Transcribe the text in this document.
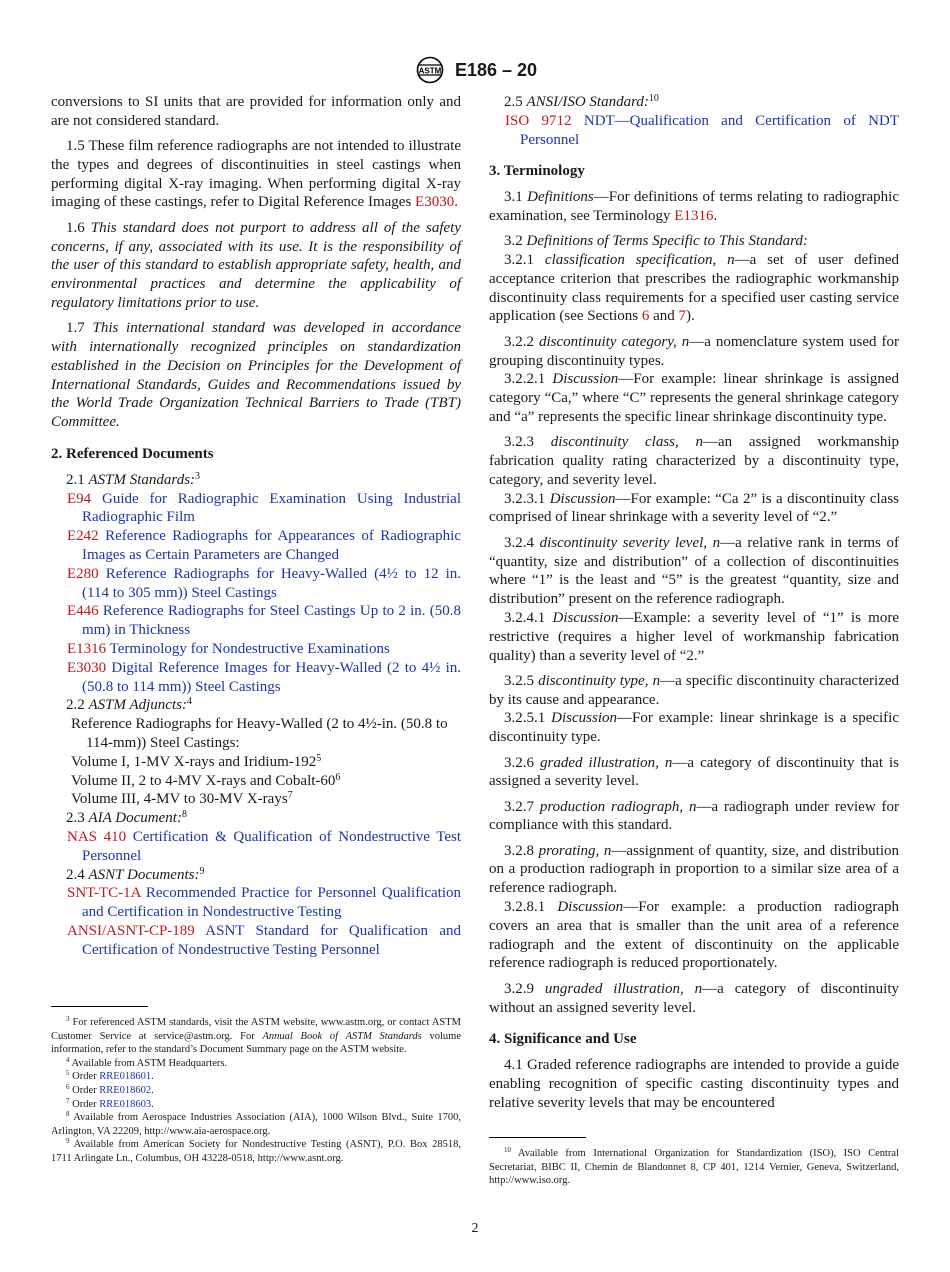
ASTM E186 – 20

conversions to SI units that are provided for information only and are not considered standard.

1.5 These film reference radiographs are not intended to illustrate the types and degrees of discontinuities in steel castings when performing digital X-ray imaging. When performing digital X-ray imaging of these castings, refer to Digital Reference Images E3030.

1.6 This standard does not purport to address all of the safety concerns, if any, associated with its use. It is the responsibility of the user of this standard to establish appropriate safety, health, and environmental practices and determine the applicability of regulatory limitations prior to use.

1.7 This international standard was developed in accordance with internationally recognized principles on standardization established in the Decision on Principles for the Development of International Standards, Guides and Recommendations issued by the World Trade Organization Technical Barriers to Trade (TBT) Committee.

2. Referenced Documents

2.1 ASTM Standards:$^3$

E94 Guide for Radiographic Examination Using Industrial Radiographic Film

E242 Reference Radiographs for Appearances of Radiographic Images as Certain Parameters are Changed

E280 Reference Radiographs for Heavy-Walled (4½ to 12 in. (114 to 305 mm)) Steel Castings

E446 Reference Radiographs for Steel Castings Up to 2 in. (50.8 mm) in Thickness

E1316 Terminology for Nondestructive Examinations

E3030 Digital Reference Images for Heavy-Walled (2 to 4½ in. (50.8 to 114 mm)) Steel Castings

2.2 ASTM Adjuncts:$^4$

Reference Radiographs for Heavy-Walled (2 to 4½-in. (50.8 to 114-mm)) Steel Castings:

Volume I, 1-MV X-rays and Iridium-$192^5$

Volume II, 2 to 4-MV X-rays and Cobalt-$60^6$

Volume III, 4-MV to 30-MV X-rays$^7$

2.3 AIA Document:$^8$

NAS 410 Certification & Qualification of Nondestructive Test Personnel

2.4 ASNT Documents:$^9$

SNT-TC-1A Recommended Practice for Personnel Qualification and Certification in Nondestructive Testing

ANSI/ASNT-CP-189 ASNT Standard for Qualification and Certification of Nondestructive Testing Personnel

2.5 ANSI/ISO Standard:$^{10}$

ISO 9712 NDT—Qualification and Certification of NDT Personnel

3. Terminology

3.1 Definitions—For definitions of terms relating to radiographic examination, see Terminology E1316.

3.2 Definitions of Terms Specific to This Standard:

3.2.1 classification specification, n—a set of user defined acceptance criterion that prescribes the radiographic workmanship discontinuity class requirements for a specified user casting service application (see Sections 6 and 7).

3.2.2 discontinuity category, n—a nomenclature system used for grouping discontinuity types.

3.2.2.1 Discussion—For example: linear shrinkage is assigned category “Ca,” where “C” represents the general shrinkage category and “a” represents the specific linear shrinkage discontinuity type.

3.2.3 discontinuity class, n—an assigned workmanship fabrication quality rating characterized by a discontinuity type, category, and severity level.

3.2.3.1 Discussion—For example: “Ca 2” is a discontinuity class comprised of linear shrinkage with a severity level of “2.”

3.2.4 discontinuity severity level, n—a relative rank in terms of “quantity, size and distribution” of a collection of discontinuities where “1” is the least and “5” is the greatest “quantity, size and distribution” present on the reference radiograph.

3.2.4.1 Discussion—Example: a severity level of “1” is more restrictive (requires a higher level of workmanship fabrication quality) than a severity level of “2.”

3.2.5 discontinuity type, n—a specific discontinuity characterized by its cause and appearance.

3.2.5.1 Discussion—For example: linear shrinkage is a specific discontinuity type.

3.2.6 graded illustration, n—a category of discontinuity that is assigned a severity level.

3.2.7 production radiograph, n—a radiograph under review for compliance with this standard.

3.2.8 prorating, n—assignment of quantity, size, and distribution on a production radiograph in proportion to a similar size area of a reference radiograph.

3.2.8.1 Discussion—For example: a production radiograph covers an area that is smaller than the unit area of a reference radiograph and the extent of discontinuity on the applicable reference radiograph is reduced proportionately.

3.2.9 ungraded illustration, n—a category of discontinuity without an assigned severity level.

4. Significance and Use

4.1 Graded reference radiographs are intended to provide a guide enabling recognition of specific casting discontinuity types and relative severity levels that may be encountered

$^3$ For referenced ASTM standards, visit the ASTM website, www.astm.org, or contact ASTM Customer Service at service@astm.org. For Annual Book of ASTM Standards volume information, refer to the standard’s Document Summary page on the ASTM website.

$^4$ Available from ASTM Headquarters.

$^5$ Order RRE018601.

$^6$ Order RRE018602.

$^7$ Order RRE018603.

$^8$ Available from Aerospace Industries Association (AIA), 1000 Wilson Blvd., Suite 1700, Arlington, VA 22209, http://www.aia-aerospace.org.

$^9$ Available from American Society for Nondestructive Testing (ASNT), P.O. Box 28518, 1711 Arlingate Ln., Columbus, OH 43228-0518, http://www.asnt.org.

$^{10}$ Available from International Organization for Standardization (ISO), ISO Central Secretariat, BIBC II, Chemin de Blandonnet 8, CP 401, 1214 Vernier, Geneva, Switzerland, http://www.iso.org.

2
